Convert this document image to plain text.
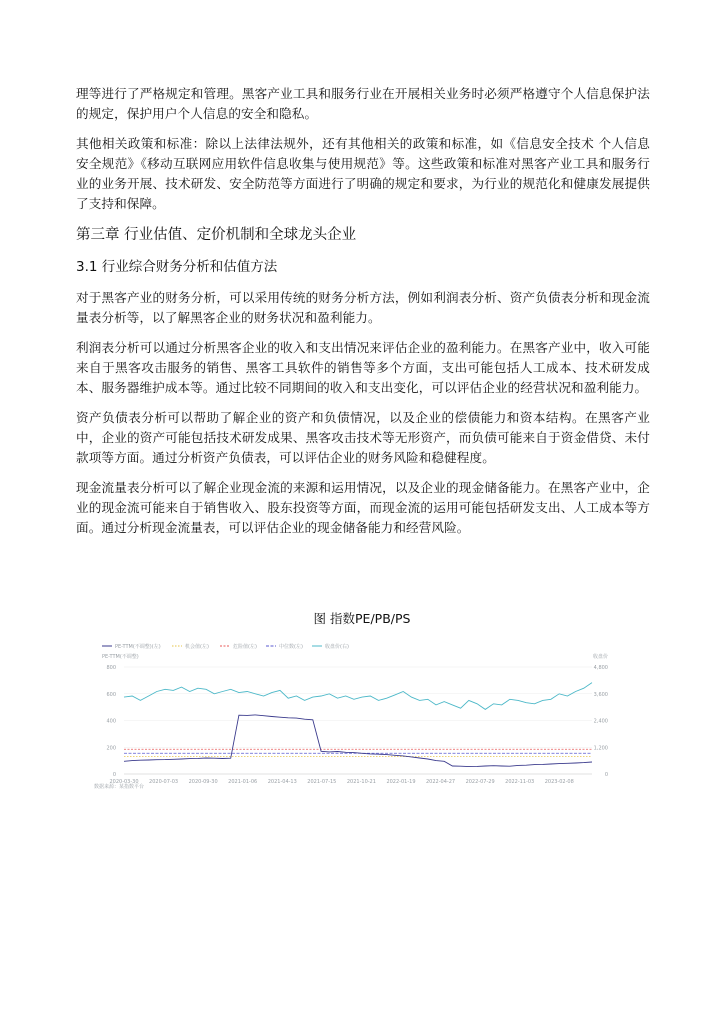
理等进行了严格规定和管理。黑客产业工具和服务行业在开展相关业务时必须严格遵守个人信息保护法的规定，保护用户个人信息的安全和隐私。

其他相关政策和标准：除以上法律法规外，还有其他相关的政策和标准，如《信息安全技术 个人信息安全规范》《移动互联网应用软件信息收集与使用规范》等。这些政策和标准对黑客产业工具和服务行业的业务开展、技术研发、安全防范等方面进行了明确的规定和要求，为行业的规范化和健康发展提供了支持和保障。

第三章 行业估值、定价机制和全球龙头企业
3.1 行业综合财务分析和估值方法

对于黑客产业的财务分析，可以采用传统的财务分析方法，例如利润表分析、资产负债表分析和现金流量表分析等，以了解黑客企业的财务状况和盈利能力。

利润表分析可以通过分析黑客企业的收入和支出情况来评估企业的盈利能力。在黑客产业中，收入可能来自于黑客攻击服务的销售、黑客工具软件的销售等多个方面，支出可能包括人工成本、技术研发成本、服务器维护成本等。通过比较不同期间的收入和支出变化，可以评估企业的经营状况和盈利能力。

资产负债表分析可以帮助了解企业的资产和负债情况，以及企业的偿债能力和资本结构。在黑客产业中，企业的资产可能包括技术研发成果、黑客攻击技术等无形资产，而负债可能来自于资金借贷、未付款项等方面。通过分析资产负债表，可以评估企业的财务风险和稳健程度。

现金流量表分析可以了解企业现金流的来源和运用情况，以及企业的现金储备能力。在黑客产业中，企业的现金流可能来自于销售收入、股东投资等方面，而现金流的运用可能包括研发支出、人工成本等方面。通过分析现金流量表，可以评估企业的现金储备能力和经营风险。

图 指数PE/PB/PS
PE-TTM(不调整)(左)	机会值(左)	危险值(左)	中位数(左)	收盘价(右)
PE-TTM(不调整)	收盘价
0
200
400
600
800
0
1,200
2,400
3,600
4,800
2020-03-30 2020-07-03 2020-09-30 2021-01-06 2021-04-13 2021-07-15 2021-10-21 2022-01-19 2022-04-27 2022-07-29 2022-11-03 2023-02-08
数据来源：某指数平台
